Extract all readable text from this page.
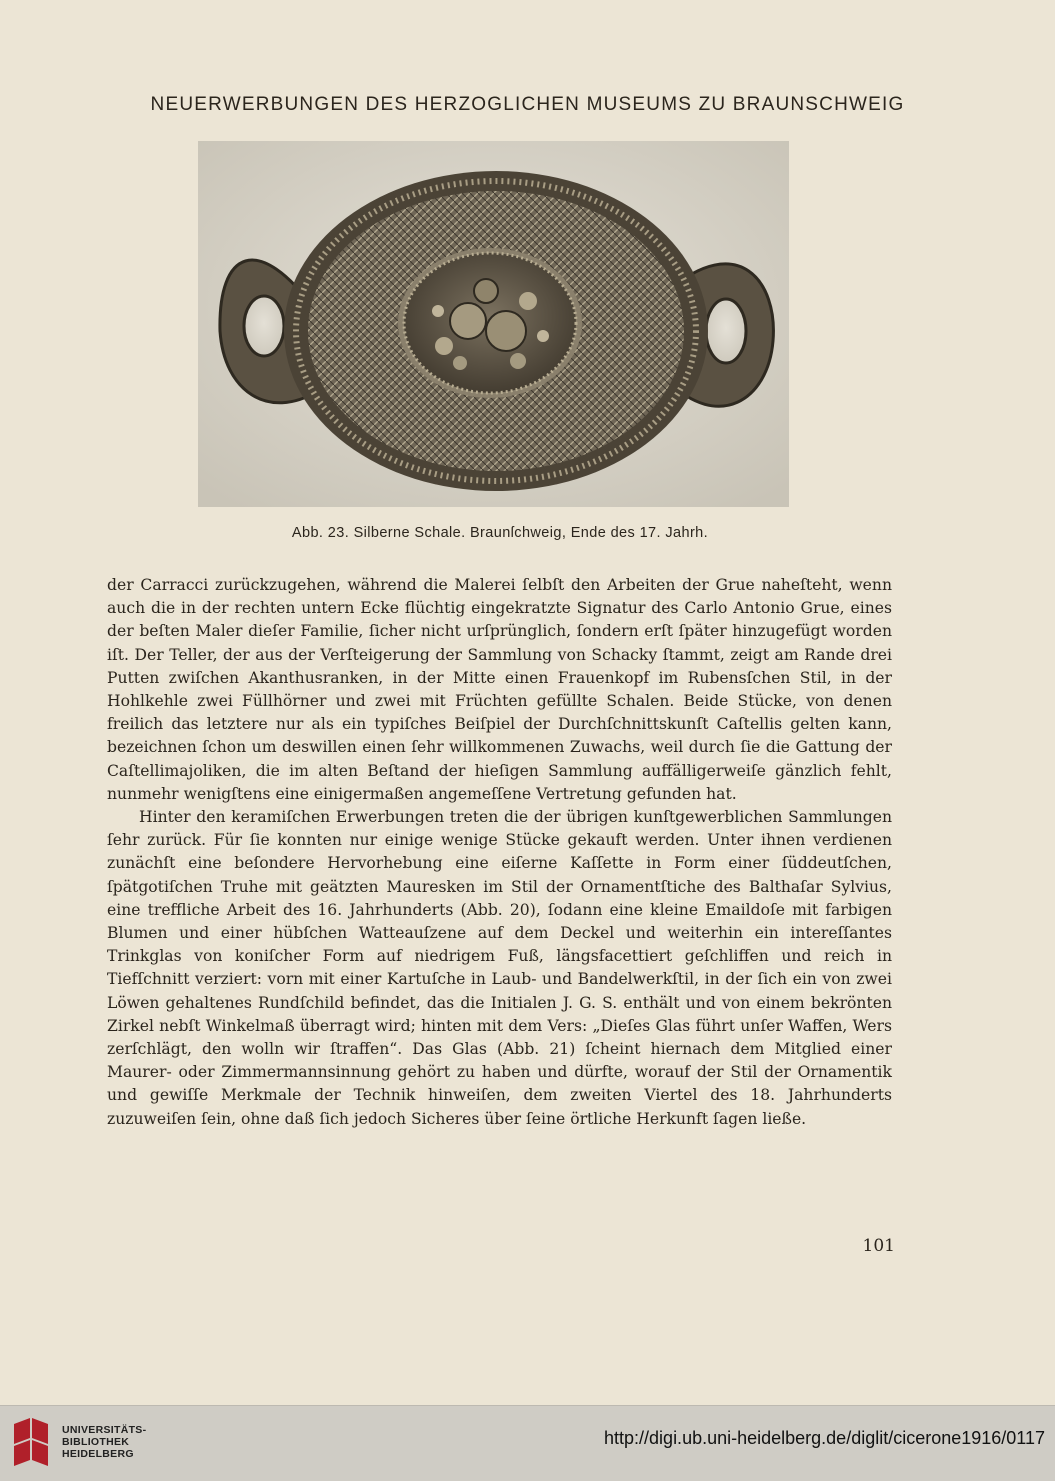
NEUERWERBUNGEN DES HERZOGLICHEN MUSEUMS ZU BRAUNSCHWEIG
Abb. 23. Silberne Schale. Braunſchweig, Ende des 17. Jahrh.

der Carracci zurückzugehen, während die Malerei ſelbſt den Arbeiten der Grue naheſteht, wenn auch die in der rechten untern Ecke flüchtig eingekratzte Signatur des Carlo Antonio Grue, eines der beſten Maler dieſer Familie, ſicher nicht urſprünglich, ſondern erſt ſpäter hinzugefügt worden iſt. Der Teller, der aus der Verſteigerung der Sammlung von Schacky ſtammt, zeigt am Rande drei Putten zwiſchen Akanthusranken, in der Mitte einen Frauenkopf im Rubensſchen Stil, in der Hohlkehle zwei Füllhörner und zwei mit Früchten gefüllte Schalen. Beide Stücke, von denen freilich das letztere nur als ein typiſches Beiſpiel der Durchſchnittskunſt Caſtellis gelten kann, bezeichnen ſchon um deswillen einen ſehr willkommenen Zuwachs, weil durch ſie die Gattung der Caſtellimajoliken, die im alten Beſtand der hieſigen Sammlung auffälligerweiſe gänzlich fehlt, nunmehr wenigſtens eine einigermaßen angemeſſene Vertretung gefunden hat.

Hinter den keramiſchen Erwerbungen treten die der übrigen kunſtgewerblichen Sammlungen ſehr zurück. Für ſie konnten nur einige wenige Stücke gekauft werden. Unter ihnen verdienen zunächſt eine beſondere Hervorhebung eine eiſerne Kaſſette in Form einer ſüddeutſchen, ſpätgotiſchen Truhe mit geätzten Mauresken im Stil der Ornamentſtiche des Balthaſar Sylvius, eine treffliche Arbeit des 16. Jahrhunderts (Abb. 20), ſodann eine kleine Emaildoſe mit farbigen Blumen und einer hübſchen Watteauſzene auf dem Deckel und weiterhin ein intereſſantes Trinkglas von koniſcher Form auf niedrigem Fuß, längsfacettiert geſchliffen und reich in Tiefſchnitt verziert: vorn mit einer Kartuſche in Laub- und Bandelwerkſtil, in der ſich ein von zwei Löwen gehaltenes Rundſchild befindet, das die Initialen J. G. S. enthält und von einem bekrönten Zirkel nebſt Winkelmaß überragt wird; hinten mit dem Vers: „Dieſes Glas führt unſer Waffen, Wers zerſchlägt, den wolln wir ſtraffen“. Das Glas (Abb. 21) ſcheint hiernach dem Mitglied einer Maurer- oder Zimmermannsinnung gehört zu haben und dürfte, worauf der Stil der Ornamentik und gewiſſe Merkmale der Technik hinweiſen, dem zweiten Viertel des 18. Jahrhunderts zuzuweiſen ſein, ohne daß ſich jedoch Sicheres über ſeine örtliche Herkunft ſagen ließe.

101
UNIVERSITÄTS-
BIBLIOTHEK
HEIDELBERG
http://digi.ub.uni-heidelberg.de/diglit/cicerone1916/0117
